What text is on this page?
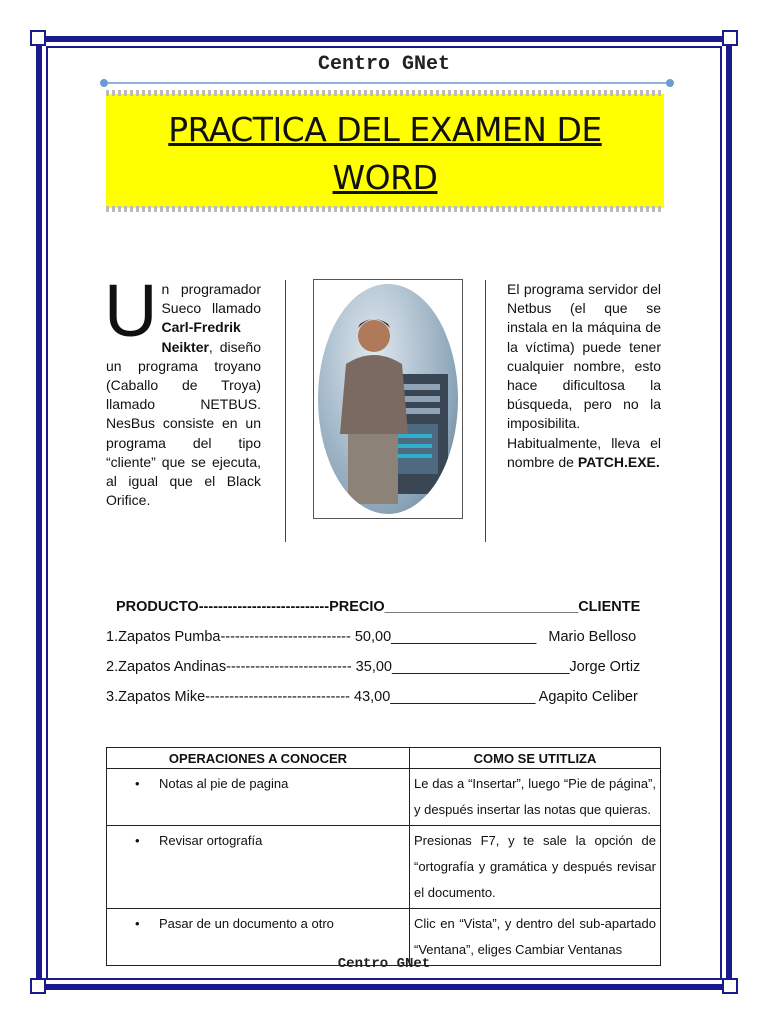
Centro GNet
PRACTICA DEL EXAMEN DE
WORD
Un programador Sueco llamado Carl-Fredrik Neikter, diseño un programa troyano (Caballo de Troya) llamado NETBUS. NesBus consiste en un programa del tipo “cliente” que se ejecuta, al igual que el Black Orifice.
El programa servidor del Netbus (el que se instala en la máquina de la víctima) puede tener cualquier nombre, esto hace dificultosa la búsqueda, pero no la imposibilita. Habitualmente, lleva el nombre de PATCH.EXE.
PRODUCTO---------------------------PRECIO________________________CLIENTE
1.Zapatos Pumba--------------------------- 50,00__________________   Mario Belloso
2.Zapatos Andinas-------------------------- 35,00______________________Jorge Ortiz
3.Zapatos Mike------------------------------ 43,00__________________ Agapito Celiber
OPERACIONES A CONOCER	COMO SE UTITLIZA
• Notas al pie de pagina	Le das a “Insertar”, luego “Pie de página”, y después insertar las notas que quieras.
• Revisar ortografía	Presionas F7, y te sale la opción de “ortografía y gramática y después revisar el documento.
• Pasar de un documento a otro	Clic en “Vista”, y dentro del sub-apartado “Ventana”, eliges Cambiar Ventanas
Centro GNet
